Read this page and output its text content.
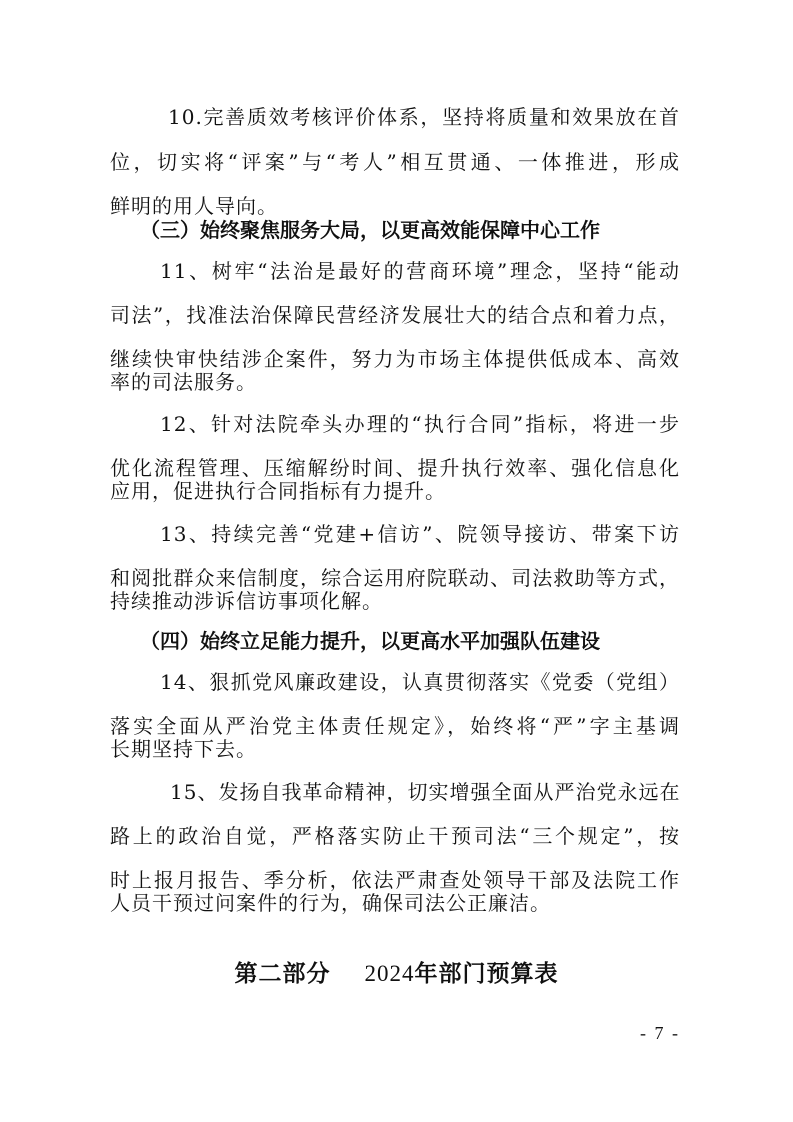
10.完善质效考核评价体系，坚持将质量和效果放在首
位，切实将“评案”与“考人”相互贯通、一体推进，形成
鲜明的用人导向。
（三）始终聚焦服务大局，以更高效能保障中心工作
11、树牢“法治是最好的营商环境”理念，坚持“能动
司法”，找准法治保障民营经济发展壮大的结合点和着力点，
继续快审快结涉企案件，努力为市场主体提供低成本、高效
率的司法服务。
12、针对法院牵头办理的“执行合同”指标，将进一步
优化流程管理、压缩解纷时间、提升执行效率、强化信息化
应用，促进执行合同指标有力提升。
13、持续完善“党建+信访”、院领导接访、带案下访
和阅批群众来信制度，综合运用府院联动、司法救助等方式，
持续推动涉诉信访事项化解。
（四）始终立足能力提升，以更高水平加强队伍建设
14、狠抓党风廉政建设，认真贯彻落实《党委（党组）
落实全面从严治党主体责任规定》，始终将“严”字主基调
长期坚持下去。
15、发扬自我革命精神，切实增强全面从严治党永远在
路上的政治自觉，严格落实防止干预司法“三个规定”，按
时上报月报告、季分析，依法严肃查处领导干部及法院工作
人员干预过问案件的行为，确保司法公正廉洁。
第二部分 2024年部门预算表
- 7 -
